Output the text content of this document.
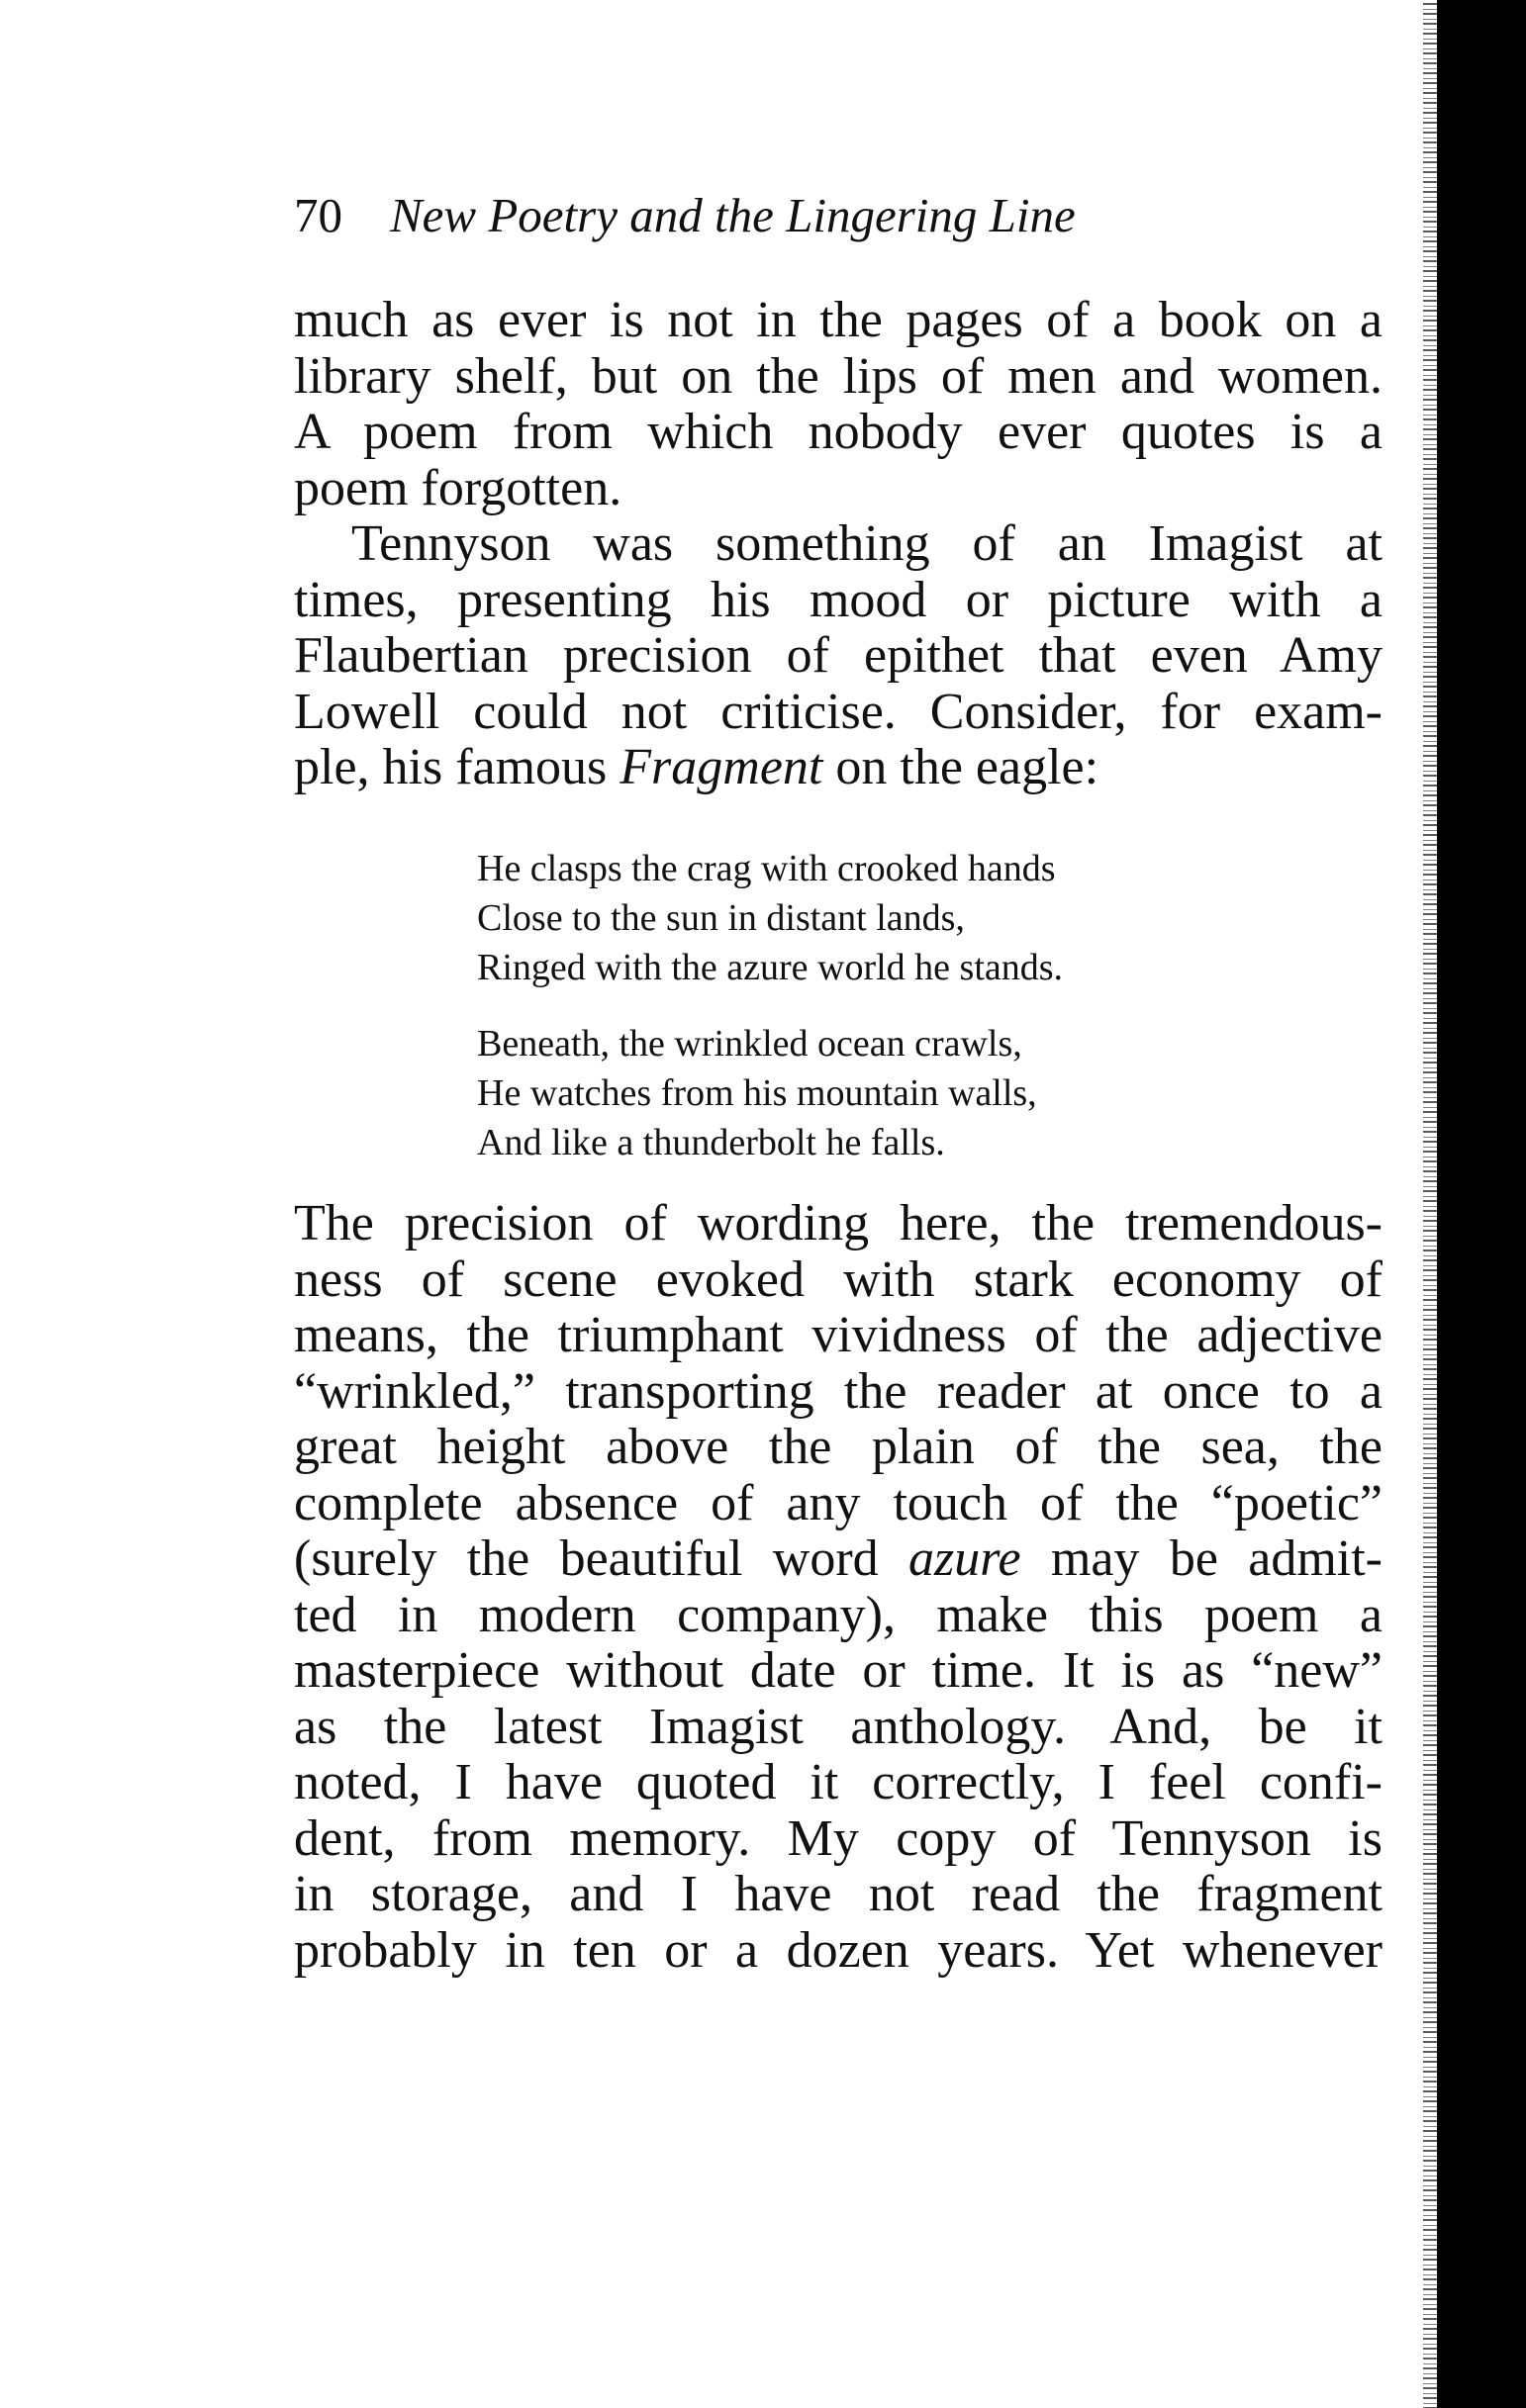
70 New Poetry and the Lingering Line
much as ever is not in the pages of a book on a
library shelf, but on the lips of men and women.
A poem from which nobody ever quotes is a
poem forgotten.
Tennyson was something of an Imagist at
times, presenting his mood or picture with a
Flaubertian precision of epithet that even Amy
Lowell could not criticise. Consider, for exam-
ple, his famous Fragment on the eagle:
He clasps the crag with crooked hands
Close to the sun in distant lands,
Ringed with the azure world he stands.
Beneath, the wrinkled ocean crawls,
He watches from his mountain walls,
And like a thunderbolt he falls.
The precision of wording here, the tremendous-
ness of scene evoked with stark economy of
means, the triumphant vividness of the adjective
“wrinkled,” transporting the reader at once to a
great height above the plain of the sea, the
complete absence of any touch of the “poetic”
(surely the beautiful word azure may be admit-
ted in modern company), make this poem a
masterpiece without date or time. It is as “new”
as the latest Imagist anthology. And, be it
noted, I have quoted it correctly, I feel confi-
dent, from memory. My copy of Tennyson is
in storage, and I have not read the fragment
probably in ten or a dozen years. Yet whenever
